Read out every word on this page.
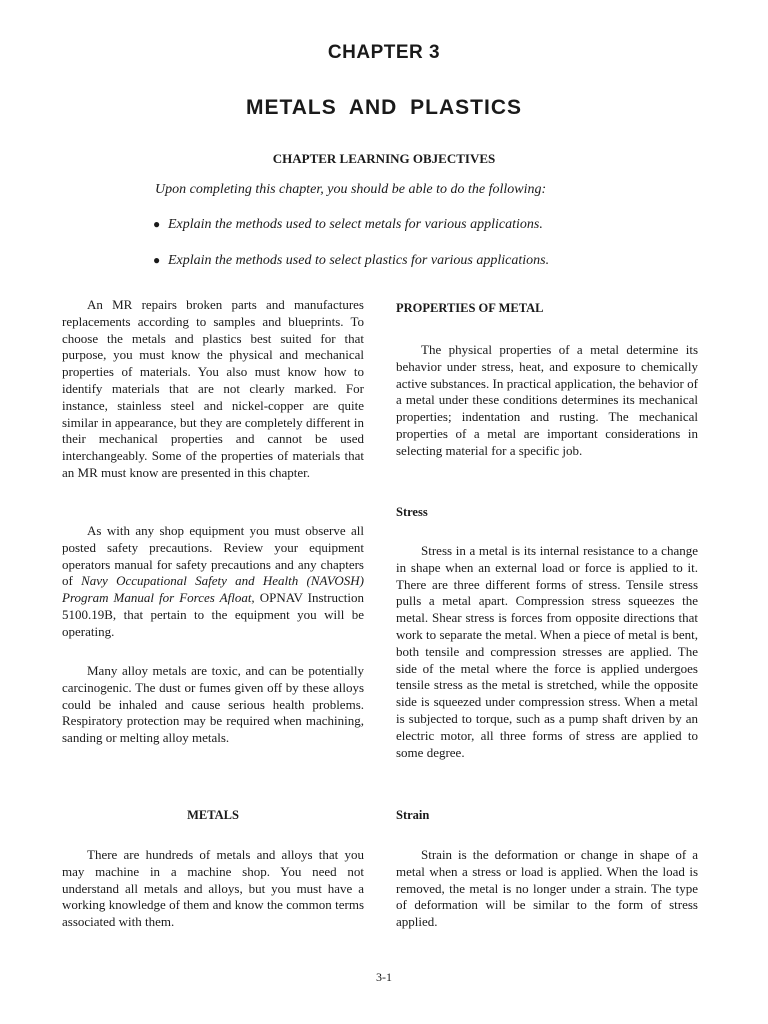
CHAPTER 3
METALS AND PLASTICS
CHAPTER LEARNING OBJECTIVES
Upon completing this chapter, you should be able to do the following:
● Explain the methods used to select metals for various applications.
● Explain the methods used to select plastics for various applications.

An MR repairs broken parts and manufactures replacements according to samples and blueprints. To choose the metals and plastics best suited for that purpose, you must know the physical and mechanical properties of materials. You also must know how to identify materials that are not clearly marked. For instance, stainless steel and nickel-copper are quite similar in appearance, but they are completely different in their mechanical properties and cannot be used interchangeably. Some of the properties of materials that an MR must know are presented in this chapter.

As with any shop equipment you must observe all posted safety precautions. Review your equipment operators manual for safety precautions and any chapters of Navy Occupational Safety and Health (NAVOSH) Program Manual for Forces Afloat, OPNAV Instruction 5100.19B, that pertain to the equipment you will be operating.

Many alloy metals are toxic, and can be potentially carcinogenic. The dust or fumes given off by these alloys could be inhaled and cause serious health problems. Respiratory protection may be required when machining, sanding or melting alloy metals.

METALS

There are hundreds of metals and alloys that you may machine in a machine shop. You need not understand all metals and alloys, but you must have a working knowledge of them and know the common terms associated with them.

PROPERTIES OF METAL

The physical properties of a metal determine its behavior under stress, heat, and exposure to chemically active substances. In practical application, the behavior of a metal under these conditions determines its mechanical properties; indentation and rusting. The mechanical properties of a metal are important considerations in selecting material for a specific job.

Stress

Stress in a metal is its internal resistance to a change in shape when an external load or force is applied to it. There are three different forms of stress. Tensile stress pulls a metal apart. Compression stress squeezes the metal. Shear stress is forces from opposite directions that work to separate the metal. When a piece of metal is bent, both tensile and compression stresses are applied. The side of the metal where the force is applied undergoes tensile stress as the metal is stretched, while the opposite side is squeezed under compression stress. When a metal is subjected to torque, such as a pump shaft driven by an electric motor, all three forms of stress are applied to some degree.

Strain

Strain is the deformation or change in shape of a metal when a stress or load is applied. When the load is removed, the metal is no longer under a strain. The type of deformation will be similar to the form of stress applied.

3-1
